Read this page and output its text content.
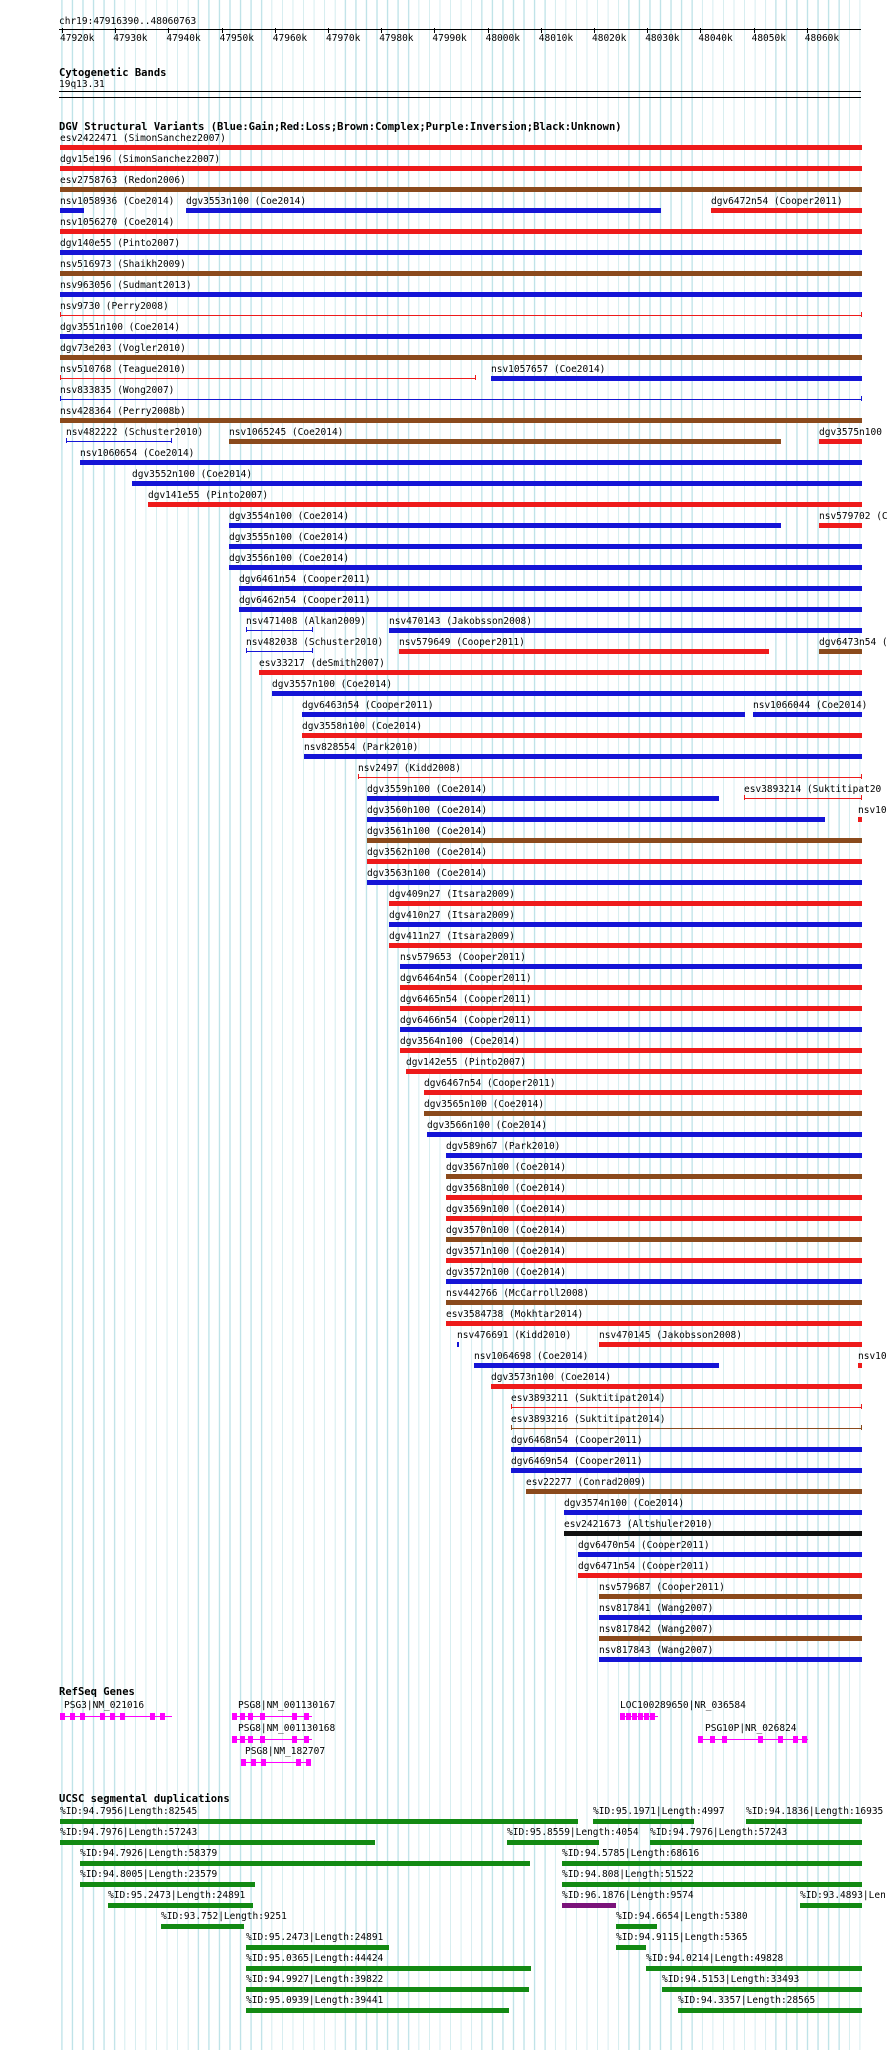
chr19:47916390..48060763
47920k 47930k 47940k 47950k 47960k 47970k 47980k 47990k 48000k 48010k 48020k 48030k 48040k 48050k 48060k
Cytogenetic Bands
19q13.31
DGV Structural Variants (Blue:Gain;Red:Loss;Brown:Complex;Purple:Inversion;Black:Unknown)
esv2422471 (SimonSanchez2007)
dgv15e196 (SimonSanchez2007)
esv2758763 (Redon2006)
nsv1058936 (Coe2014) dgv3553n100 (Coe2014)	dgv6472n54 (Cooper2011)
nsv1056270 (Coe2014)
dgv140e55 (Pinto2007)
nsv516973 (Shaikh2009)
nsv963056 (Sudmant2013)
nsv9730 (Perry2008)
dgv3551n100 (Coe2014)
dgv73e203 (Vogler2010)
nsv510768 (Teague2010)	nsv1057657 (Coe2014)
nsv833835 (Wong2007)
nsv428364 (Perry2008b)
nsv482222 (Schuster2010)	nsv1065245 (Coe2014)	dgv3575n100
nsv1060654 (Coe2014)
dgv3552n100 (Coe2014)
dgv141e55 (Pinto2007)
dgv3554n100 (Coe2014)	nsv579702 (C
dgv3555n100 (Coe2014)
dgv3556n100 (Coe2014)
dgv6461n54 (Cooper2011)
dgv6462n54 (Cooper2011)
nsv471408 (Alkan2009) nsv470143 (Jakobsson2008)
nsv482038 (Schuster2010) nsv579649 (Cooper2011)	dgv6473n54 (
esv33217 (deSmith2007)
dgv3557n100 (Coe2014)
dgv6463n54 (Cooper2011)	nsv1066044 (Coe2014)
dgv3558n100 (Coe2014)
nsv828554 (Park2010)
nsv2497 (Kidd2008)
dgv3559n100 (Coe2014)	esv3893214 (Suktitipat20
dgv3560n100 (Coe2014)	nsv10
dgv3561n100 (Coe2014)
dgv3562n100 (Coe2014)
dgv3563n100 (Coe2014)
dgv409n27 (Itsara2009)
dgv410n27 (Itsara2009)
dgv411n27 (Itsara2009)
nsv579653 (Cooper2011)
dgv6464n54 (Cooper2011)
dgv6465n54 (Cooper2011)
dgv6466n54 (Cooper2011)
dgv3564n100 (Coe2014)
dgv142e55 (Pinto2007)
dgv6467n54 (Cooper2011)
dgv3565n100 (Coe2014)
dgv3566n100 (Coe2014)
dgv589n67 (Park2010)
dgv3567n100 (Coe2014)
dgv3568n100 (Coe2014)
dgv3569n100 (Coe2014)
dgv3570n100 (Coe2014)
dgv3571n100 (Coe2014)
dgv3572n100 (Coe2014)
nsv442766 (McCarroll2008)
esv3584738 (Mokhtar2014)
nsv476691 (Kidd2010)	nsv470145 (Jakobsson2008)
nsv1064698 (Coe2014)	nsv10
dgv3573n100 (Coe2014)
esv3893211 (Suktitipat2014)
esv3893216 (Suktitipat2014)
dgv6468n54 (Cooper2011)
dgv6469n54 (Cooper2011)
esv22277 (Conrad2009)
dgv3574n100 (Coe2014)
esv2421673 (Altshuler2010)
dgv6470n54 (Cooper2011)
dgv6471n54 (Cooper2011)
nsv579687 (Cooper2011)
nsv817841 (Wang2007)
nsv817842 (Wang2007)
nsv817843 (Wang2007)
RefSeq Genes
PSG3|NM_021016	PSG8|NM_001130167
PSG8|NM_001130168
PSG8|NM_182707
LOC100289650|NR_036584
PSG10P|NR_026824
UCSC segmental duplications
%ID:94.7956|Length:82545	%ID:95.1971|Length:4997 %ID:94.1836|Length:16935
%ID:94.7976|Length:57243	%ID:95.8559|Length:4054 %ID:94.7976|Length:57243
%ID:94.7926|Length:58379	%ID:94.5785|Length:68616
%ID:94.8005|Length:23579	%ID:94.808|Length:51522
%ID:95.2473|Length:24891	%ID:96.1876|Length:9574	%ID:93.4893|Len
%ID:93.752|Length:9251	%ID:94.6654|Length:5380
%ID:95.2473|Length:24891	%ID:94.9115|Length:5365
%ID:95.0365|Length:44424	%ID:94.0214|Length:49828
%ID:94.9927|Length:39822	%ID:94.5153|Length:33493
%ID:95.0939|Length:39441	%ID:94.3357|Length:28565
